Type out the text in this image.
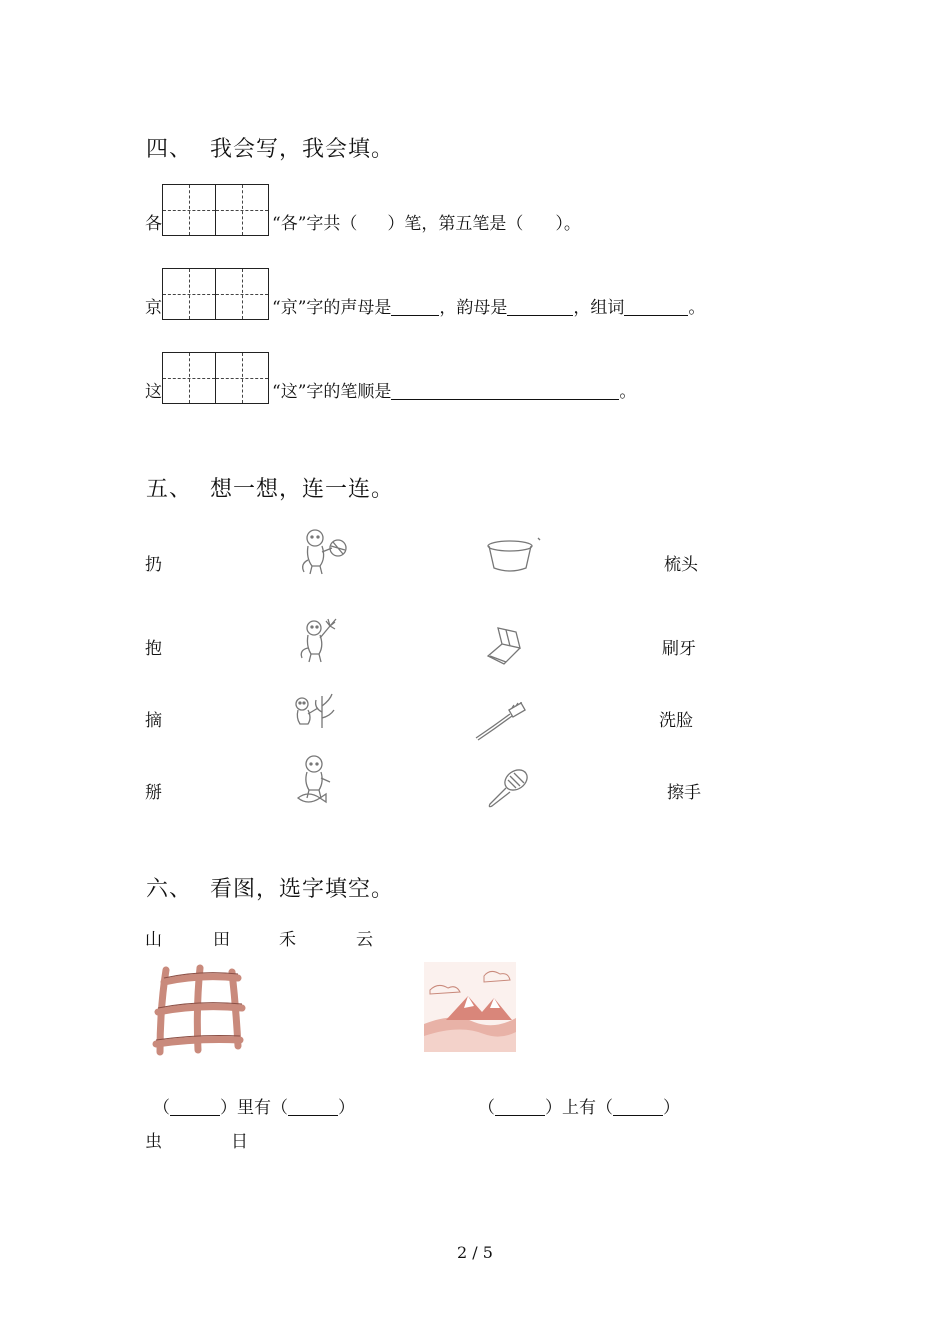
四、 我会写，我会填。
各	“各”字共（ ）笔，第五笔是（ ）。
京	“京”字的声母是	，韵母是	，组词	。
这	“这”字的笔顺是	。
五、 想一想，连一连。
扔
抱
摘
掰
梳头
刷牙
洗脸
擦手
六、 看图，选字填空。
山	田	禾	云
（	）里有（	）	（	）上有（	）
虫	日
2 / 5
